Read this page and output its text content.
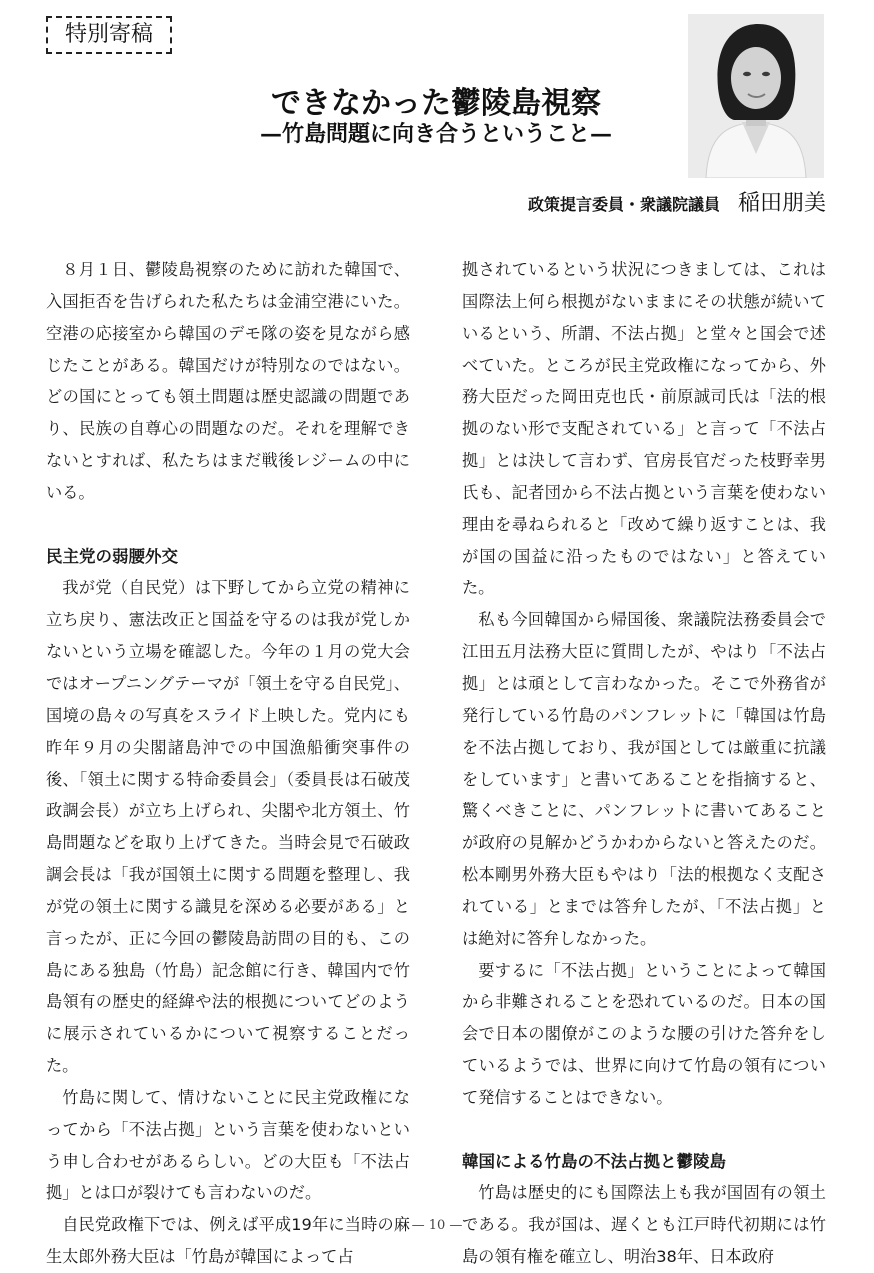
特別寄稿
できなかった鬱陵島視察
—竹島問題に向き合うということ—
政策提言委員・衆議院議員 稲田朋美

８月１日、鬱陵島視察のために訪れた韓国で、入国拒否を告げられた私たちは金浦空港にいた。空港の応接室から韓国のデモ隊の姿を見ながら感じたことがある。韓国だけが特別なのではない。どの国にとっても領土問題は歴史認識の問題であり、民族の自尊心の問題なのだ。それを理解できないとすれば、私たちはまだ戦後レジームの中にいる。

民主党の弱腰外交

我が党（自民党）は下野してから立党の精神に立ち戻り、憲法改正と国益を守るのは我が党しかないという立場を確認した。今年の１月の党大会ではオープニングテーマが「領土を守る自民党」、国境の島々の写真をスライド上映した。党内にも昨年９月の尖閣諸島沖での中国漁船衝突事件の後、「領土に関する特命委員会」（委員長は石破茂政調会長）が立ち上げられ、尖閣や北方領土、竹島問題などを取り上げてきた。当時会見で石破政調会長は「我が国領土に関する問題を整理し、我が党の領土に関する識見を深める必要がある」と言ったが、正に今回の鬱陵島訪問の目的も、この島にある独島（竹島）記念館に行き、韓国内で竹島領有の歴史的経緯や法的根拠についてどのように展示されているかについて視察することだった。

竹島に関して、情けないことに民主党政権になってから「不法占拠」という言葉を使わないという申し合わせがあるらしい。どの大臣も「不法占拠」とは口が裂けても言わないのだ。

自民党政権下では、例えば平成19年に当時の麻生太郎外務大臣は「竹島が韓国によって占

拠されているという状況につきましては、これは国際法上何ら根拠がないままにその状態が続いているという、所謂、不法占拠」と堂々と国会で述べていた。ところが民主党政権になってから、外務大臣だった岡田克也氏・前原誠司氏は「法的根拠のない形で支配されている」と言って「不法占拠」とは決して言わず、官房長官だった枝野幸男氏も、記者団から不法占拠という言葉を使わない理由を尋ねられると「改めて繰り返すことは、我が国の国益に沿ったものではない」と答えていた。

私も今回韓国から帰国後、衆議院法務委員会で江田五月法務大臣に質問したが、やはり「不法占拠」とは頑として言わなかった。そこで外務省が発行している竹島のパンフレットに「韓国は竹島を不法占拠しており、我が国としては厳重に抗議をしています」と書いてあることを指摘すると、驚くべきことに、パンフレットに書いてあることが政府の見解かどうかわからないと答えたのだ。松本剛男外務大臣もやはり「法的根拠なく支配されている」とまでは答弁したが、「不法占拠」とは絶対に答弁しなかった。

要するに「不法占拠」ということによって韓国から非難されることを恐れているのだ。日本の国会で日本の閣僚がこのような腰の引けた答弁をしているようでは、世界に向けて竹島の領有について発信することはできない。

韓国による竹島の不法占拠と鬱陵島

竹島は歴史的にも国際法上も我が国固有の領土である。我が国は、遅くとも江戸時代初期には竹島の領有権を確立し、明治38年、日本政府

— 10 —
